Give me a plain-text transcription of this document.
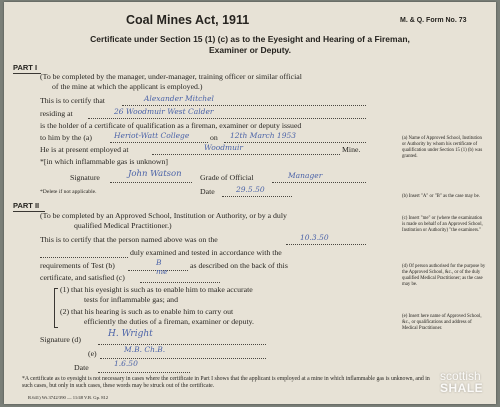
Coal Mines Act, 1911	M. & Q. Form No. 73
Certificate under Section 15 (1) (c) as to the Eyesight and Hearing of a Fireman,
Examiner or Deputy.
PART I
(To be completed by the manager, under-manager, training officer or similar official
of the mine at which the applicant is employed.)
This is to certify that	Alexander Mitchel
residing at	26 Woodmuir West Calder
is the holder of a certificate of qualification as a fireman, examiner or deputy issued
to him by the (a)	Heriot-Watt College	on 12th March 1953
He is at present employed at	Woodmuir	Mine.
*[in which inflammable gas is unknown]
Signature	John Watson Grade of Official	Manager
Date	29.5.50
*Delete if not applicable.
PART II
(To be completed by an Approved School, Institution or Authority, or by a duly
qualified Medical Practitioner.)
This is to certify that the person named above was on the	10.3.50
duly examined and tested in accordance with the
requirements of Test (b)	B	as described on the back of this
certificate, and satisfied (c)
me
(1) that his eyesight is such as to enable him to make accurate
tests for inflammable gas; and
(2) that his hearing is such as to enable him to carry out
efficiently the duties of a fireman, examiner or deputy.
Signature (d)
H. Wright
(e)	M.B. Ch.B.
Date	1.6.50
(a) Name of Approved School, Institution or Authority by whom his certificate of qualification under Section 15 (1) (b) was granted.
(b) Insert "A" or "B" as the case may be.
(c) Insert "me" or (where the examination is made on behalf of an Approved School, Institution or Authority) "the examiners."
(d) Of person authorised for the purpose by the Approved School, &c., or of the duly qualified Medical Practitioner; as the case may be.
(e) Insert here name of Approved School, &c., or qualifications and address of Medical Practitioner.
*A certificate as to eyesight is not necessary in cases where the certificate in Part I shows that the applicant is employed at a mine in which inflammable gas is unknown, and in such cases, but only in such cases, these words may be struck out of the certificate.
R.641) Wt.3742/390 — 11/48 V.B. Gp. 812
scottish
SHALE
